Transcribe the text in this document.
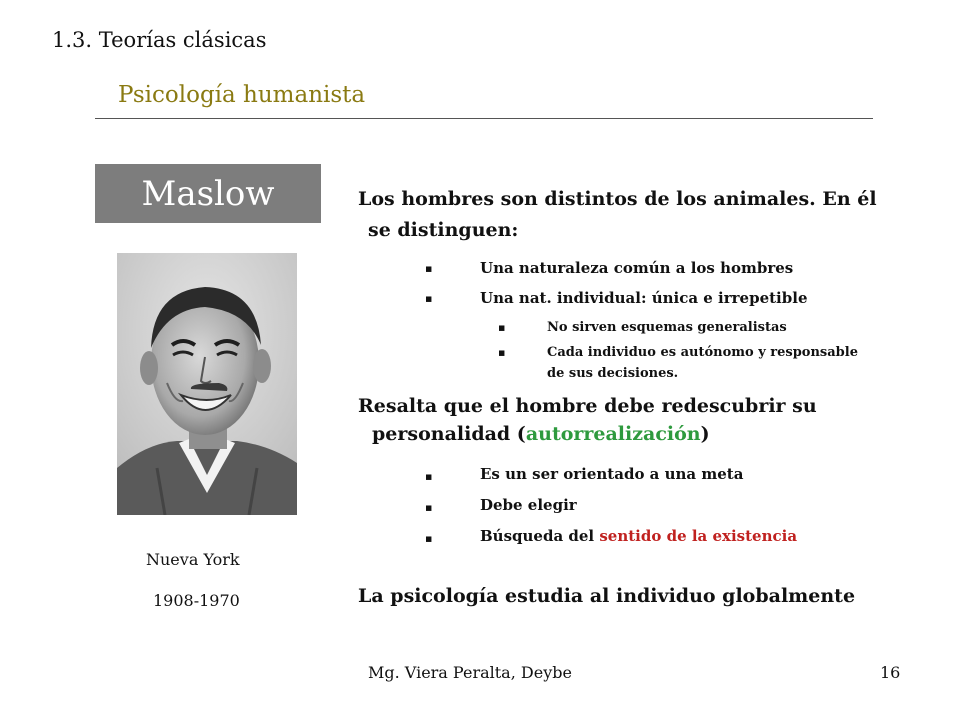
1.3. Teorías clásicas
Psicología humanista
Maslow
Nueva York
1908-1970
Los hombres son distintos de los animales. En él
se distinguen:
▪	Una naturaleza común a los hombres
▪	Una nat. individual: única e irrepetible
▪	No sirven esquemas generalistas
▪	Cada individuo es autónomo y responsable
de sus decisiones.
Resalta que el hombre debe redescubrir su
personalidad (autorrealización)
▪	Es un ser orientado a una meta
▪	Debe elegir
▪	Búsqueda del sentido de la existencia
La psicología estudia al individuo globalmente
Mg. Viera Peralta, Deybe	16
